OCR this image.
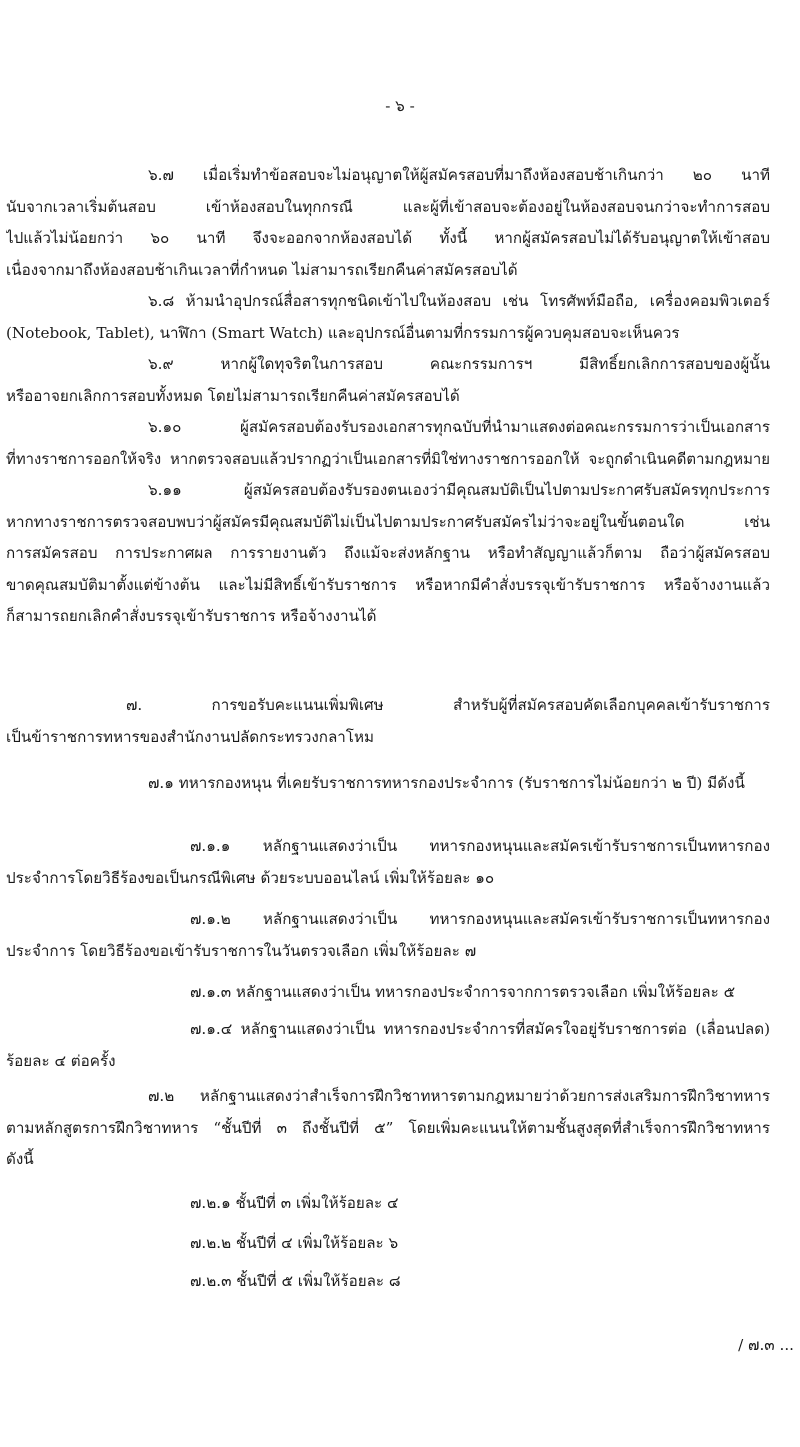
- ๖ -
๖.๗ เมื่อเริ่มทำข้อสอบจะไม่อนุญาตให้ผู้สมัครสอบที่มาถึงห้องสอบช้าเกินกว่า ๒๐ นาที
นับจากเวลาเริ่มต้นสอบ เข้าห้องสอบในทุกกรณี และผู้ที่เข้าสอบจะต้องอยู่ในห้องสอบจนกว่าจะทำการสอบ
ไปแล้วไม่น้อยกว่า ๖๐ นาที จึงจะออกจากห้องสอบได้ ทั้งนี้ หากผู้สมัครสอบไม่ได้รับอนุญาตให้เข้าสอบ
เนื่องจากมาถึงห้องสอบช้าเกินเวลาที่กำหนด ไม่สามารถเรียกคืนค่าสมัครสอบได้
๖.๘ ห้ามนำอุปกรณ์สื่อสารทุกชนิดเข้าไปในห้องสอบ เช่น โทรศัพท์มือถือ, เครื่องคอมพิวเตอร์
(Notebook, Tablet), นาฬิกา (Smart Watch) และอุปกรณ์อื่นตามที่กรรมการผู้ควบคุมสอบจะเห็นควร
๖.๙ หากผู้ใดทุจริตในการสอบ คณะกรรมการฯ มีสิทธิ์ยกเลิกการสอบของผู้นั้น
หรืออาจยกเลิกการสอบทั้งหมด โดยไม่สามารถเรียกคืนค่าสมัครสอบได้
๖.๑๐ ผู้สมัครสอบต้องรับรองเอกสารทุกฉบับที่นำมาแสดงต่อคณะกรรมการว่าเป็นเอกสาร
ที่ทางราชการออกให้จริง หากตรวจสอบแล้วปรากฏว่าเป็นเอกสารที่มิใช่ทางราชการออกให้ จะถูกดำเนินคดีตามกฎหมาย
๖.๑๑ ผู้สมัครสอบต้องรับรองตนเองว่ามีคุณสมบัติเป็นไปตามประกาศรับสมัครทุกประการ
หากทางราชการตรวจสอบพบว่าผู้สมัครมีคุณสมบัติไม่เป็นไปตามประกาศรับสมัครไม่ว่าจะอยู่ในขั้นตอนใด เช่น
การสมัครสอบ การประกาศผล การรายงานตัว ถึงแม้จะส่งหลักฐาน หรือทำสัญญาแล้วก็ตาม ถือว่าผู้สมัครสอบ
ขาดคุณสมบัติมาตั้งแต่ข้างต้น และไม่มีสิทธิ์เข้ารับราชการ หรือหากมีคำสั่งบรรจุเข้ารับราชการ หรือจ้างงานแล้ว
ก็สามารถยกเลิกคำสั่งบรรจุเข้ารับราชการ หรือจ้างงานได้
๗. การขอรับคะแนนเพิ่มพิเศษ สำหรับผู้ที่สมัครสอบคัดเลือกบุคคลเข้ารับราชการ
เป็นข้าราชการทหารของสำนักงานปลัดกระทรวงกลาโหม
๗.๑ ทหารกองหนุน ที่เคยรับราชการทหารกองประจำการ (รับราชการไม่น้อยกว่า ๒ ปี) มีดังนี้
๗.๑.๑ หลักฐานแสดงว่าเป็น ทหารกองหนุนและสมัครเข้ารับราชการเป็นทหารกอง
ประจำการโดยวิธีร้องขอเป็นกรณีพิเศษ ด้วยระบบออนไลน์ เพิ่มให้ร้อยละ ๑๐
๗.๑.๒ หลักฐานแสดงว่าเป็น ทหารกองหนุนและสมัครเข้ารับราชการเป็นทหารกอง
ประจำการ โดยวิธีร้องขอเข้ารับราชการในวันตรวจเลือก เพิ่มให้ร้อยละ ๗
๗.๑.๓ หลักฐานแสดงว่าเป็น ทหารกองประจำการจากการตรวจเลือก เพิ่มให้ร้อยละ ๕
๗.๑.๔ หลักฐานแสดงว่าเป็น ทหารกองประจำการที่สมัครใจอยู่รับราชการต่อ (เลื่อนปลด)
ร้อยละ ๔ ต่อครั้ง
๗.๒ หลักฐานแสดงว่าสำเร็จการฝึกวิชาทหารตามกฎหมายว่าด้วยการส่งเสริมการฝึกวิชาทหาร
ตามหลักสูตรการฝึกวิชาทหาร “ชั้นปีที่ ๓ ถึงชั้นปีที่ ๕” โดยเพิ่มคะแนนให้ตามชั้นสูงสุดที่สำเร็จการฝึกวิชาทหาร
ดังนี้
๗.๒.๑ ชั้นปีที่ ๓ เพิ่มให้ร้อยละ ๔
๗.๒.๒ ชั้นปีที่ ๔ เพิ่มให้ร้อยละ ๖
๗.๒.๓ ชั้นปีที่ ๕ เพิ่มให้ร้อยละ ๘
/ ๗.๓ ...
